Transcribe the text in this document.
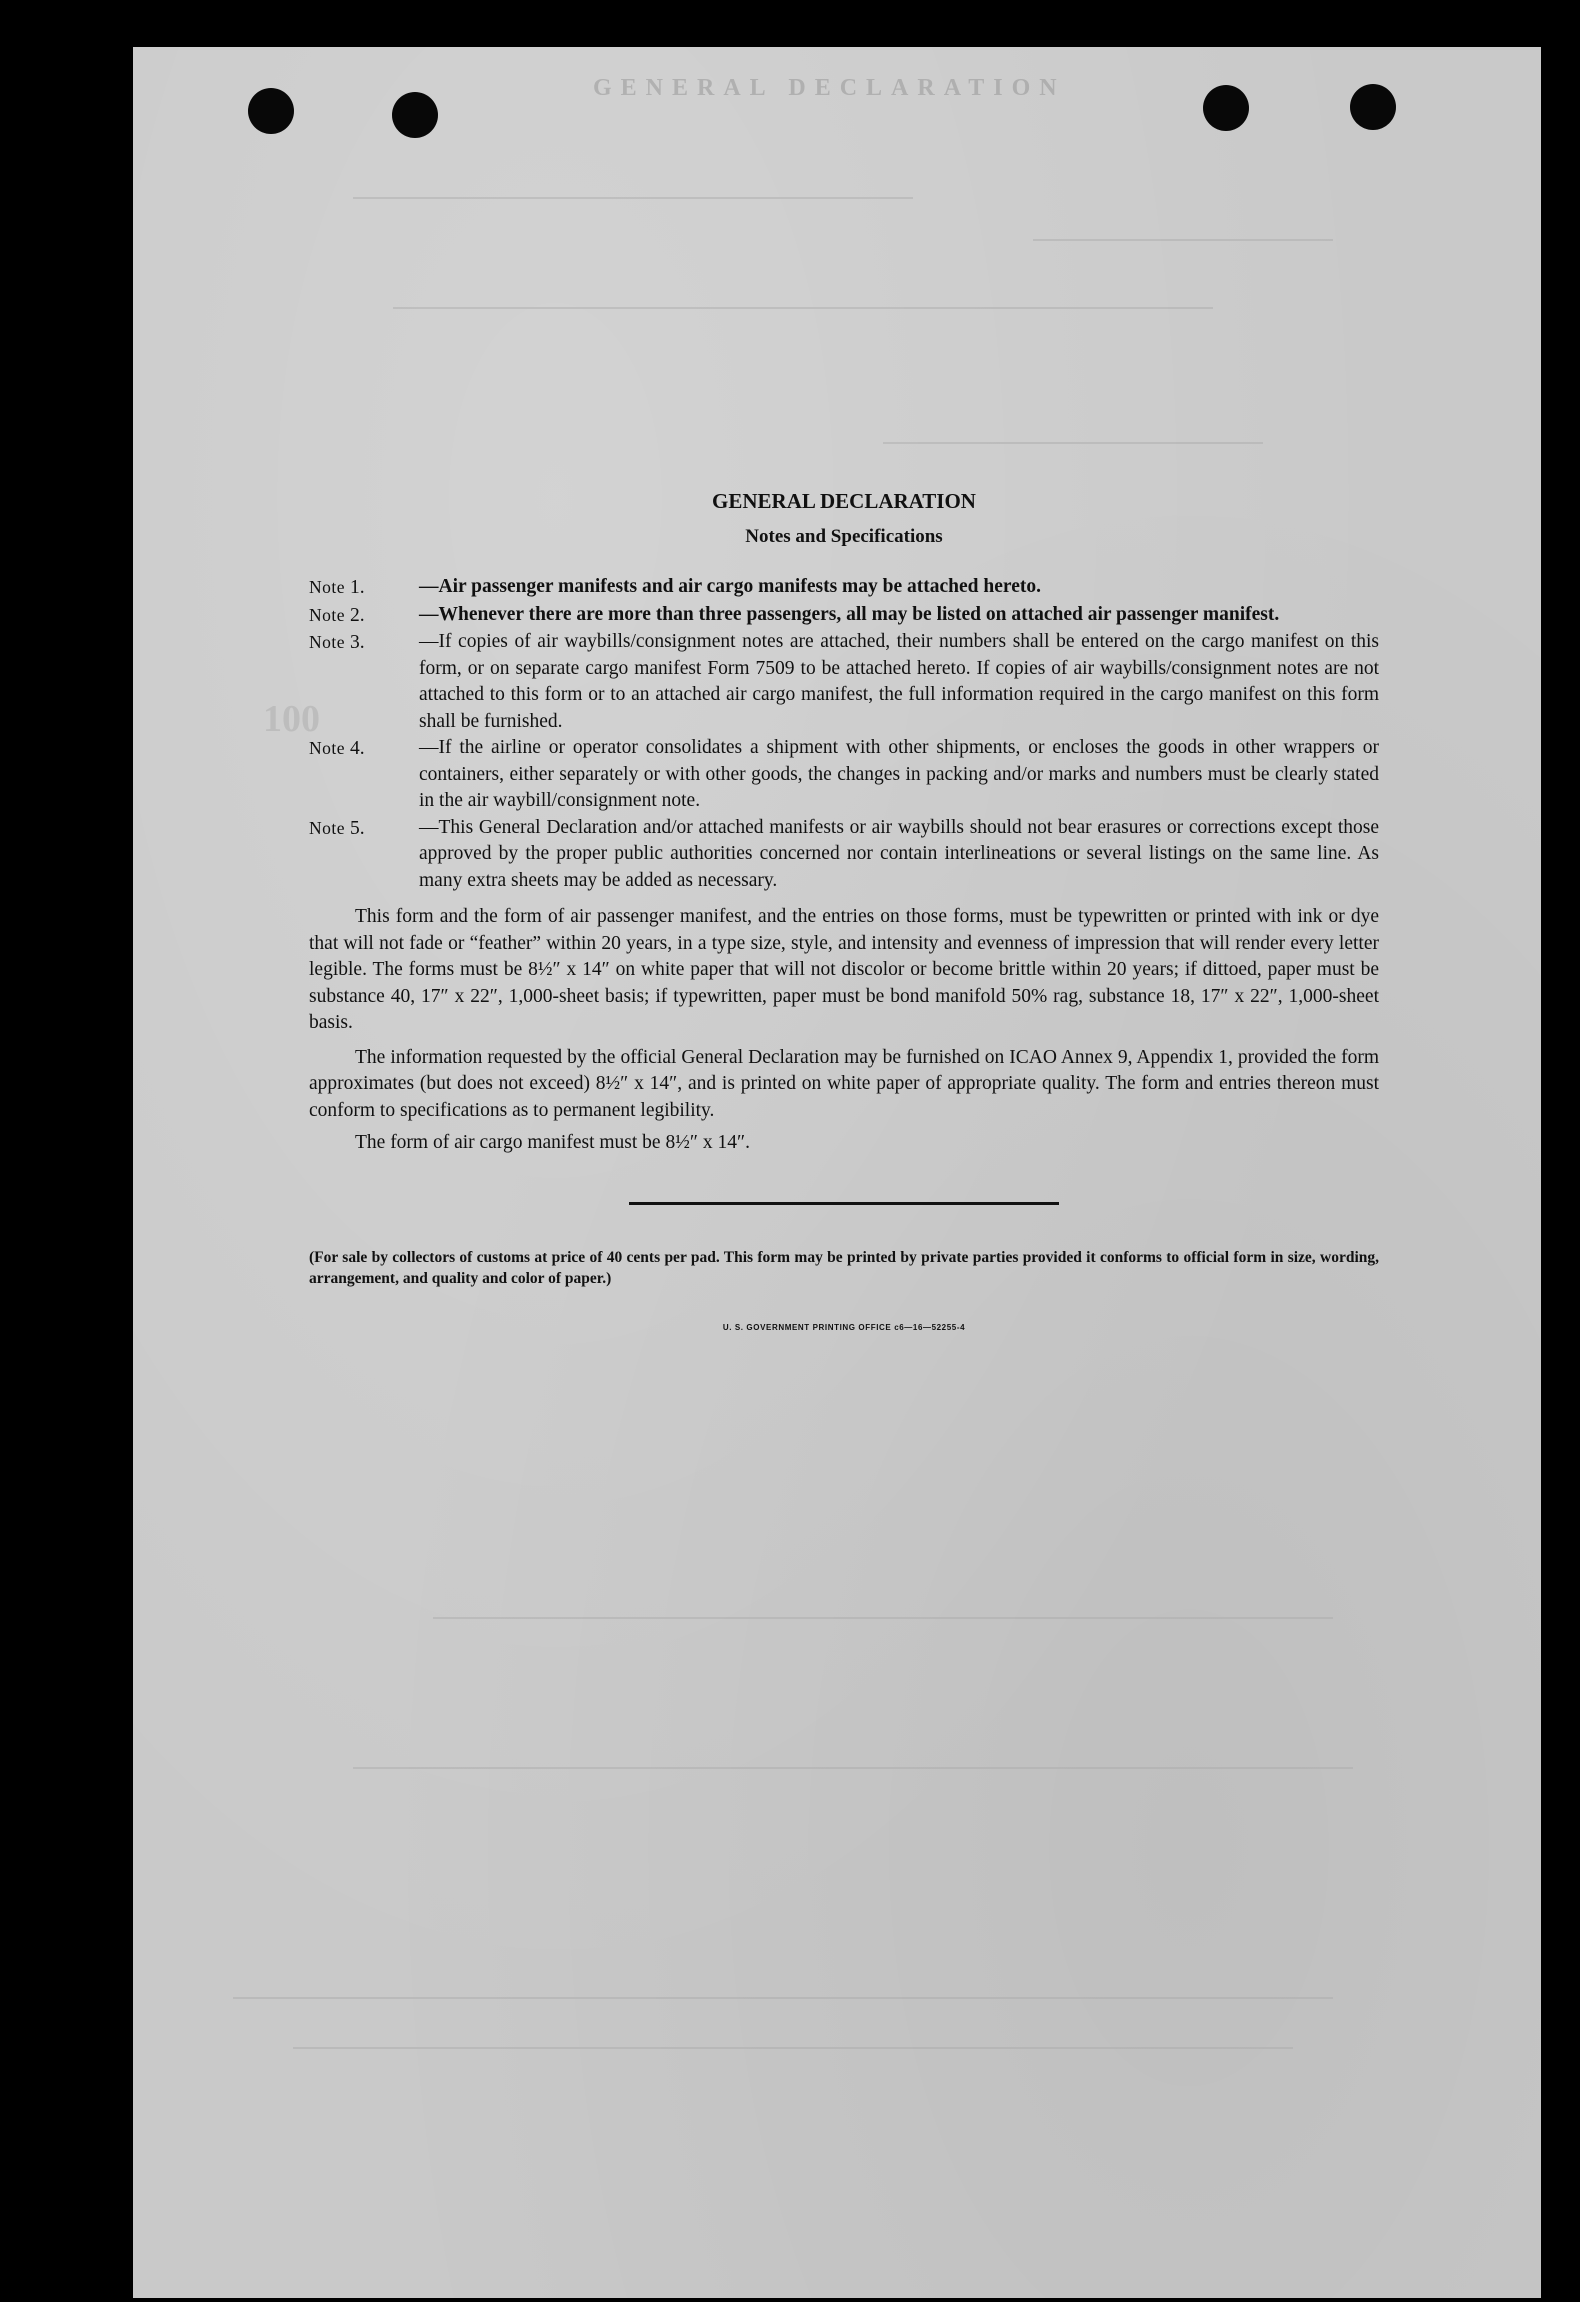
GENERAL DECLARATION
100
GENERAL DECLARATION
Notes and Specifications
Note 1.	—Air passenger manifests and air cargo manifests may be attached hereto.
Note 2.	—Whenever there are more than three passengers, all may be listed on attached air passenger manifest.
Note 3.	—If copies of air waybills/consignment notes are attached, their numbers shall be entered on the cargo manifest on this form, or on separate cargo manifest Form 7509 to be attached hereto. If copies of air waybills/consignment notes are not attached to this form or to an attached air cargo manifest, the full information required in the cargo manifest on this form shall be furnished.
Note 4.	—If the airline or operator consolidates a shipment with other shipments, or encloses the goods in other wrappers or containers, either separately or with other goods, the changes in packing and/or marks and numbers must be clearly stated in the air waybill/consignment note.
Note 5.	—This General Declaration and/or attached manifests or air waybills should not bear erasures or corrections except those approved by the proper public authorities concerned nor contain interlineations or several listings on the same line. As many extra sheets may be added as necessary.
This form and the form of air passenger manifest, and the entries on those forms, must be typewritten or printed with ink or dye that will not fade or “feather” within 20 years, in a type size, style, and intensity and evenness of impression that will render every letter legible. The forms must be 8½″ x 14″ on white paper that will not discolor or become brittle within 20 years; if dittoed, paper must be substance 40, 17″ x 22″, 1,000-sheet basis; if typewritten, paper must be bond manifold 50% rag, substance 18, 17″ x 22″, 1,000-sheet basis.
The information requested by the official General Declaration may be furnished on ICAO Annex 9, Appendix 1, provided the form approximates (but does not exceed) 8½″ x 14″, and is printed on white paper of appropriate quality. The form and entries thereon must conform to specifications as to permanent legibility.
The form of air cargo manifest must be 8½″ x 14″.
(For sale by collectors of customs at price of 40 cents per pad. This form may be printed by private parties provided it conforms to official form in size, wording, arrangement, and quality and color of paper.)
U. S. GOVERNMENT PRINTING OFFICE c6—16—52255-4
